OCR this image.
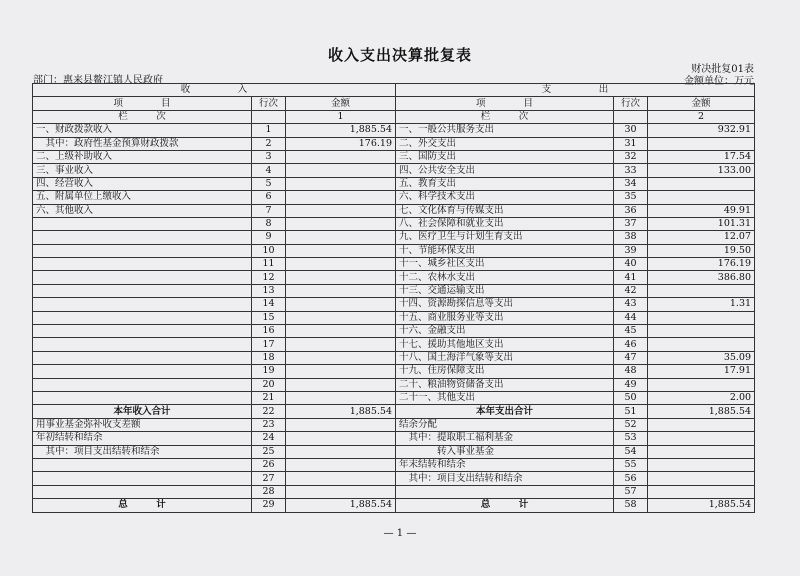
收入支出决算批复表
财决批复01表
部门：惠来县鳌江镇人民政府	金额单位：万元
收　　　　　入			支　　　　　出		
项　　　　目	行次	金额	项　　　　目	行次	金额
栏　　　次		1	栏　　　次		2
一、财政拨款收入	1	1,885.54	一、一般公共服务支出	30	932.91
　其中：政府性基金预算财政拨款	2	176.19	二、外交支出	31	
二、上级补助收入	3		三、国防支出	32	17.54
三、事业收入	4		四、公共安全支出	33	133.00
四、经营收入	5		五、教育支出	34	
五、附属单位上缴收入	6		六、科学技术支出	35	
六、其他收入	7		七、文化体育与传媒支出	36	49.91
	8		八、社会保障和就业支出	37	101.31
	9		九、医疗卫生与计划生育支出	38	12.07
	10		十、节能环保支出	39	19.50
	11		十一、城乡社区支出	40	176.19
	12		十二、农林水支出	41	386.80
	13		十三、交通运输支出	42	
	14		十四、资源勘探信息等支出	43	1.31
	15		十五、商业服务业等支出	44	
	16		十六、金融支出	45	
	17		十七、援助其他地区支出	46	
	18		十八、国土海洋气象等支出	47	35.09
	19		十九、住房保障支出	48	17.91
	20		二十、粮油物资储备支出	49	
	21		二十一、其他支出	50	2.00
本年收入合计	22	1,885.54	本年支出合计	51	1,885.54
用事业基金弥补收支差额	23		结余分配	52	
年初结转和结余	24		　其中：提取职工福利基金	53	
　其中：项目支出结转和结余	25		　　　　转入事业基金	54	
	26		年末结转和结余	55	
	27		　其中：项目支出结转和结余	56	
	28			57	
总　　　计	29	1,885.54	总　　　计	58	1,885.54
— 1 —
